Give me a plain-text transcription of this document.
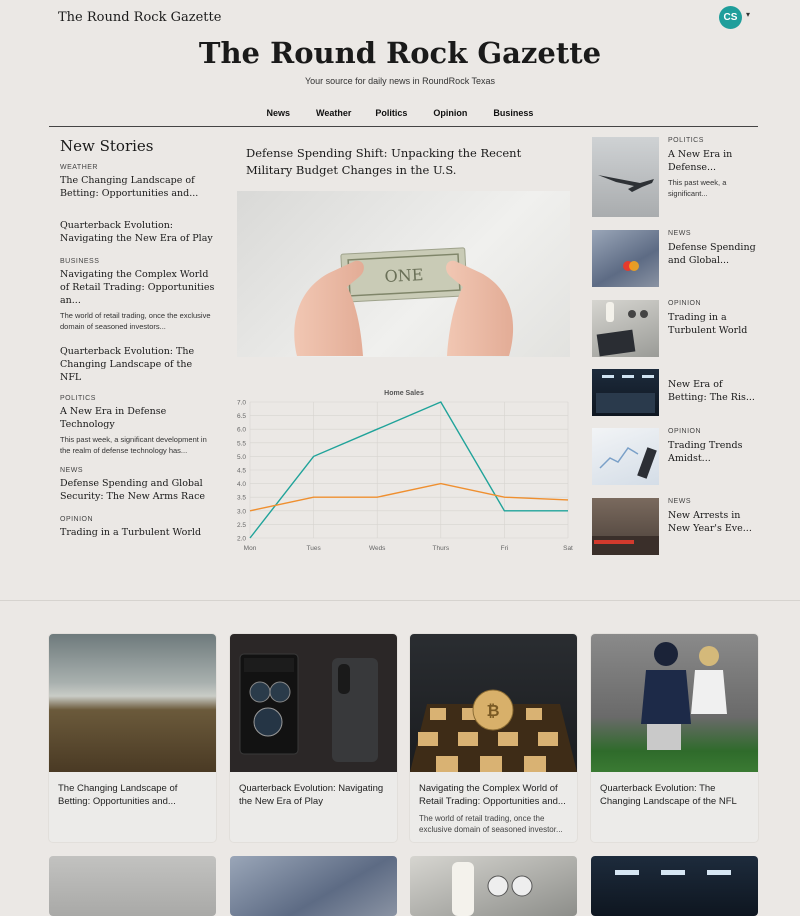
The Round Rock Gazette	CS	▾
The Round Rock Gazette
Your source for daily news in RoundRock Texas
News	Weather	Politics	Opinion	Business
New Stories
WEATHER
The Changing Landscape of Betting: Opportunities and...
Quarterback Evolution: Navigating the New Era of Play
BUSINESS
Navigating the Complex World of Retail Trading: Opportunities an...
The world of retail trading, once the exclusive domain of seasoned investors...
Quarterback Evolution: The Changing Landscape of the NFL
POLITICS
A New Era in Defense Technology
This past week, a significant development in the realm of defense technology has...
NEWS
Defense Spending and Global Security: The New Arms Race
OPINION
Trading in a Turbulent World
Defense Spending Shift: Unpacking the Recent Military Budget Changes in the U.S.
ONE
Home Sales
2.0
2.5
3.0
3.5
4.0
4.5
5.0
5.5
6.0
6.5
7.0
Mon	Tues	Weds	Thurs	Fri	Sat
POLITICS
A New Era in Defense...
This past week, a significant...
NEWS
Defense Spending and Global...
OPINION
Trading in a Turbulent World
New Era of Betting: The Ris...
OPINION
Trading Trends Amidst...
NEWS
New Arrests in New Year's Eve...
The Changing Landscape of Betting: Opportunities and...
Quarterback Evolution: Navigating the New Era of Play
₿
Navigating the Complex World of Retail Trading: Opportunities and...
The world of retail trading, once the exclusive domain of seasoned investor...
Quarterback Evolution: The Changing Landscape of the NFL
